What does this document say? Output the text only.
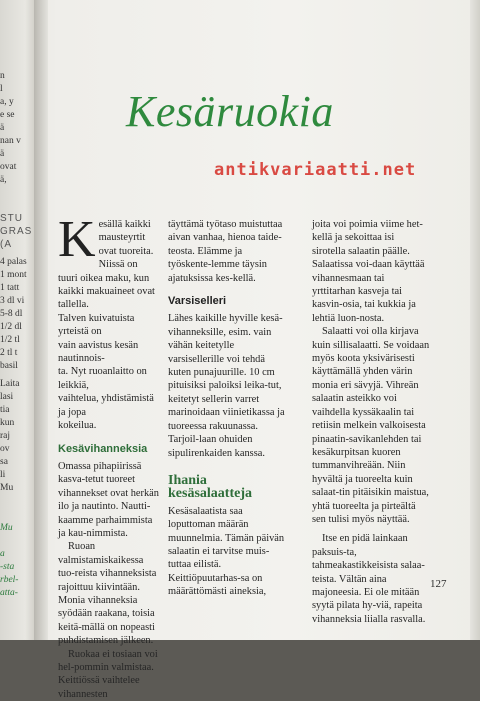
n
l
a, y
e se
ä
nan v
ä
ovat
ä,
STU
GRAS
(A
4 palas
1 mont
1 tatt
3 dl vi
5-8 dl
1/2 dl
1/2 tl
2 tl t
basil
Laita
lasi
tia
kun
raj
ov
sa
li
Mu
Mu
a
-sta
rbel-
atta-
Kesäruokia
antikvariaatti.net
K esällä kaikki mausteyrtit

ovat tuoreita. Niissä on

tuuri oikea maku, kun

kaikki makuaineet ovat tallella.

Talven kuivatuista yrteistä on

vain aavistus kesän nautinnois-

ta. Nyt ruoanlaitto on leikkiä,

vaihtelua, yhdistämistä ja jopa

kokeilua.

Kesävihanneksia

Omassa pihapiirissä kasva-tetut tuoreet vihannekset ovat herkän ilo ja nautinto. Nautti-kaamme parhaimmista ja kau-nimmista.

Ruoan valmistamiskaikessa tuo-reista vihanneksista rajoittuu kiivintään. Monia vihanneksia syödään raakana, toisia keitä-mällä on nopeasti puhdistamisen jälkeen.

Ruokaa ei tosiaan voi hel-pommin valmistaa. Keittiössä vaihtelee vihannesten

täyttämä työtaso muistuttaa aivan vanhaa, hienoa taide-teosta. Elämme ja työskente-lemme täysin ajatuksissa kes-kellä.

Varsiselleri

Lähes kaikille hyville kesä-vihanneksille, esim. vain vähän keitetylle varsisellerille voi tehdä kuten punajuurille. 10 cm pituisiksi paloiksi leika-tut, keitetyt sellerin varret marinoidaan viinietikassa ja tuoreessa rakuunassa. Tarjoil-laan ohuiden sipulirenkaiden kanssa.

Ihania kesäsalaatteja

Kesäsalaatista saa loputtoman määrän muunnelmia. Tämän päivän salaatin ei tarvitse muis-tuttaa eilistä. Keittiöpuutarhas-sa on määrättömästi aineksia,

joita voi poimia viime het-kellä ja sekoittaa isi sirotella salaatin päälle. Salaatissa voi-daan käyttää vihannesmaan tai yrttitarhan kasveja tai kasvin-osia, tai kukkia ja lehtiä luon-nosta.

Salaatti voi olla kirjava kuin sillisalaatti. Se voidaan myös koota yksivärisesti käyttämällä yhden värin monia eri sävyjä. Vihreän salaatin asteikko voi vaihdella kyssäkaalin tai retiisin melkein valkoisesta pinaatin-savikanlehden tai kesäkurpitsan kuoren tummanvihreään. Niin hyvältä ja tuoreelta kuin salaat-tin pitäisikin maistua, yhtä tuoreelta ja pirteältä sen tulisi myös näyttää.

Itse en pidä lainkaan paksuis-ta, tahmeakastikkeisista salaa-teista. Vältän aina majoneesia. Ei ole mitään syytä pilata hy-viä, rapeita vihanneksia liialla rasvalla.

127
